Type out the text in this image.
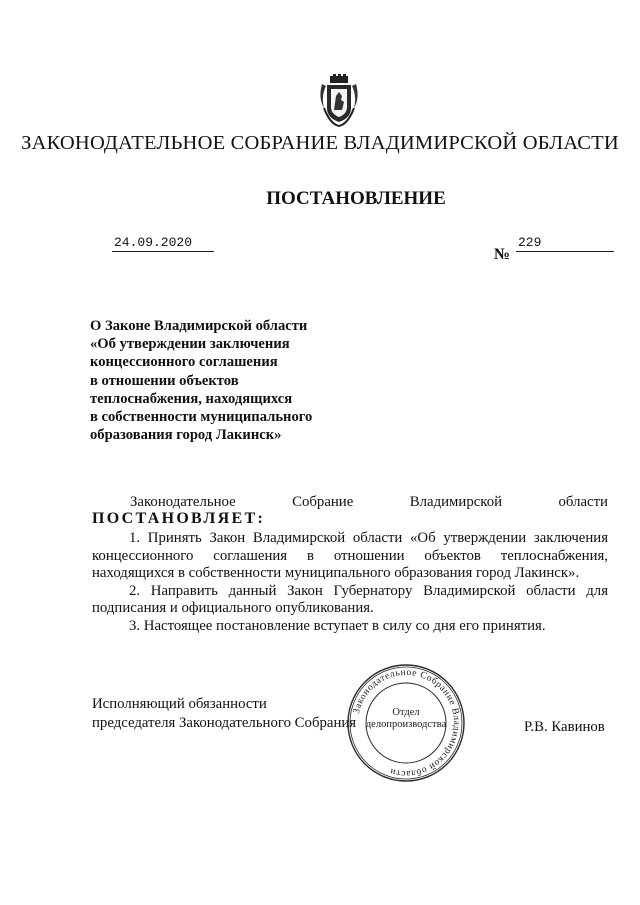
ЗАКОНОДАТЕЛЬНОЕ СОБРАНИЕ ВЛАДИМИРСКОЙ ОБЛАСТИ
ПОСТАНОВЛЕНИЕ
24.09.2020
№
229
О Законе Владимирской области
«Об утверждении заключения
концессионного соглашения
в отношении объектов
теплоснабжения, находящихся
в собственности муниципального
образования город Лакинск»
Законодательное	Собрание	Владимирской	области
ПОСТАНОВЛЯЕТ:
1. Принять Закон Владимирской области «Об утверждении заключения
концессионного соглашения в отношении объектов теплоснабжения,
находящихся в собственности муниципального образования город Лакинск».
2. Направить данный Закон Губернатору Владимирской области для
подписания и официального опубликования.
3. Настоящее постановление вступает в силу со дня его принятия.
Исполняющий обязанности
председателя Законодательного Собрания
Законодательное Собрание Владимирской области
Отдел
делопроизводства	Р.В. Кавинов
